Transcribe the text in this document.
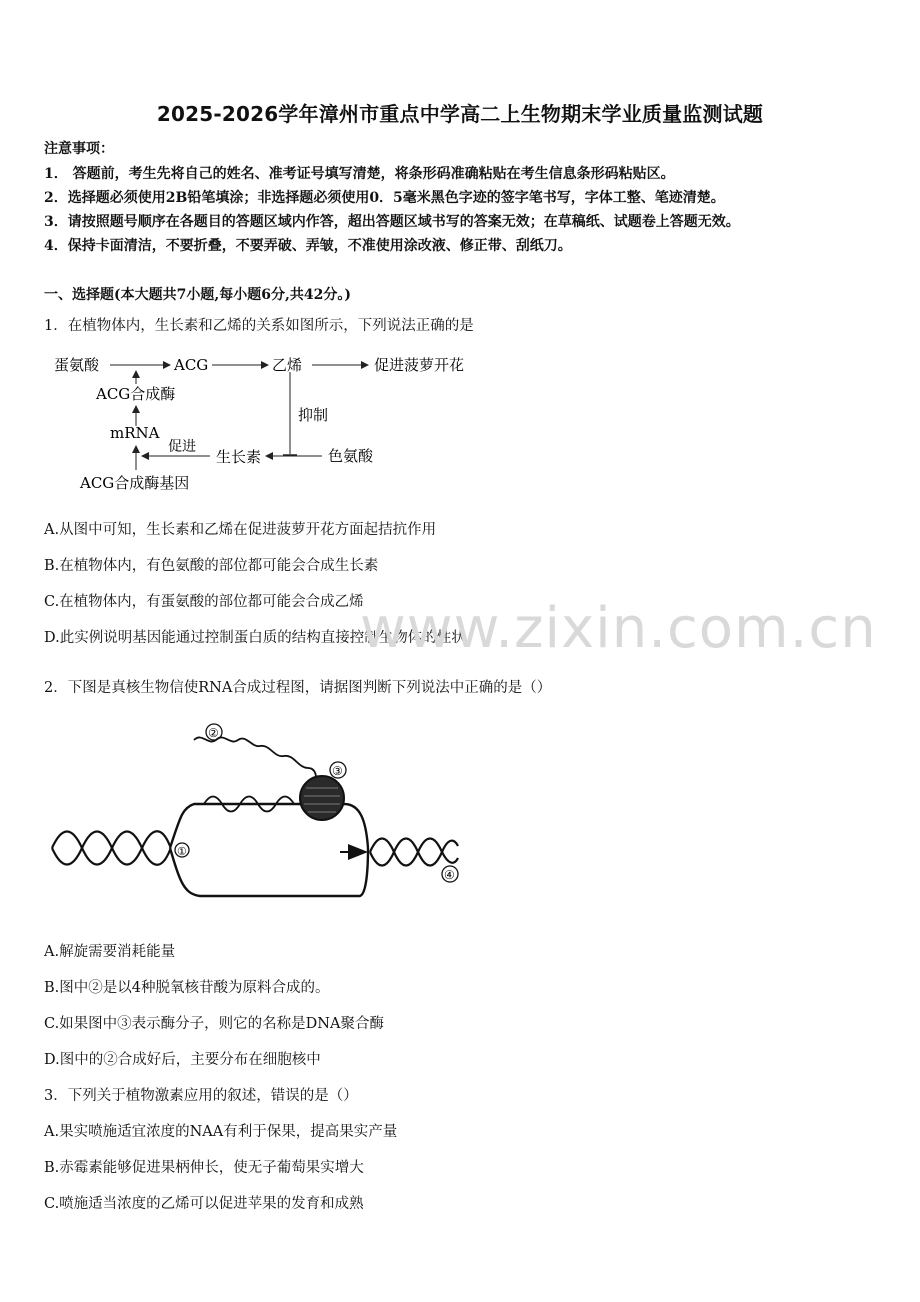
2025-2026学年漳州市重点中学高二上生物期末学业质量监测试题
注意事项：
1． 答题前，考生先将自己的姓名、准考证号填写清楚，将条形码准确粘贴在考生信息条形码粘贴区。
2．选择题必须使用2B铅笔填涂；非选择题必须使用0．5毫米黑色字迹的签字笔书写，字体工整、笔迹清楚。
3．请按照题号顺序在各题目的答题区域内作答，超出答题区域书写的答案无效；在草稿纸、试题卷上答题无效。
4．保持卡面清洁，不要折叠，不要弄破、弄皱，不准使用涂改液、修正带、刮纸刀。
一、选择题(本大题共7小题,每小题6分,共42分。)
1．在植物体内，生长素和乙烯的关系如图所示，下列说法正确的是
蛋氨酸	ACG	乙烯	促进菠萝开花
ACG合成酶
mRNA
ACG合成酶基因
抑制
色氨酸
生长素
促进
A.从图中可知，生长素和乙烯在促进菠萝开花方面起拮抗作用
B.在植物体内，有色氨酸的部位都可能会合成生长素
C.在植物体内，有蛋氨酸的部位都可能会合成乙烯
D.此实例说明基因能通过控制蛋白质的结构直接控制生物体的性状
www.zixin.com.cn
2．下图是真核生物信使RNA合成过程图，请据图判断下列说法中正确的是（）
①
②
③
④
A.解旋需要消耗能量
B.图中②是以4种脱氧核苷酸为原料合成的。
C.如果图中③表示酶分子，则它的名称是DNA聚合酶
D.图中的②合成好后，主要分布在细胞核中
3．下列关于植物激素应用的叙述，错误的是（）
A.果实喷施适宜浓度的NAA有利于保果，提高果实产量
B.赤霉素能够促进果柄伸长，使无子葡萄果实增大
C.喷施适当浓度的乙烯可以促进苹果的发育和成熟
